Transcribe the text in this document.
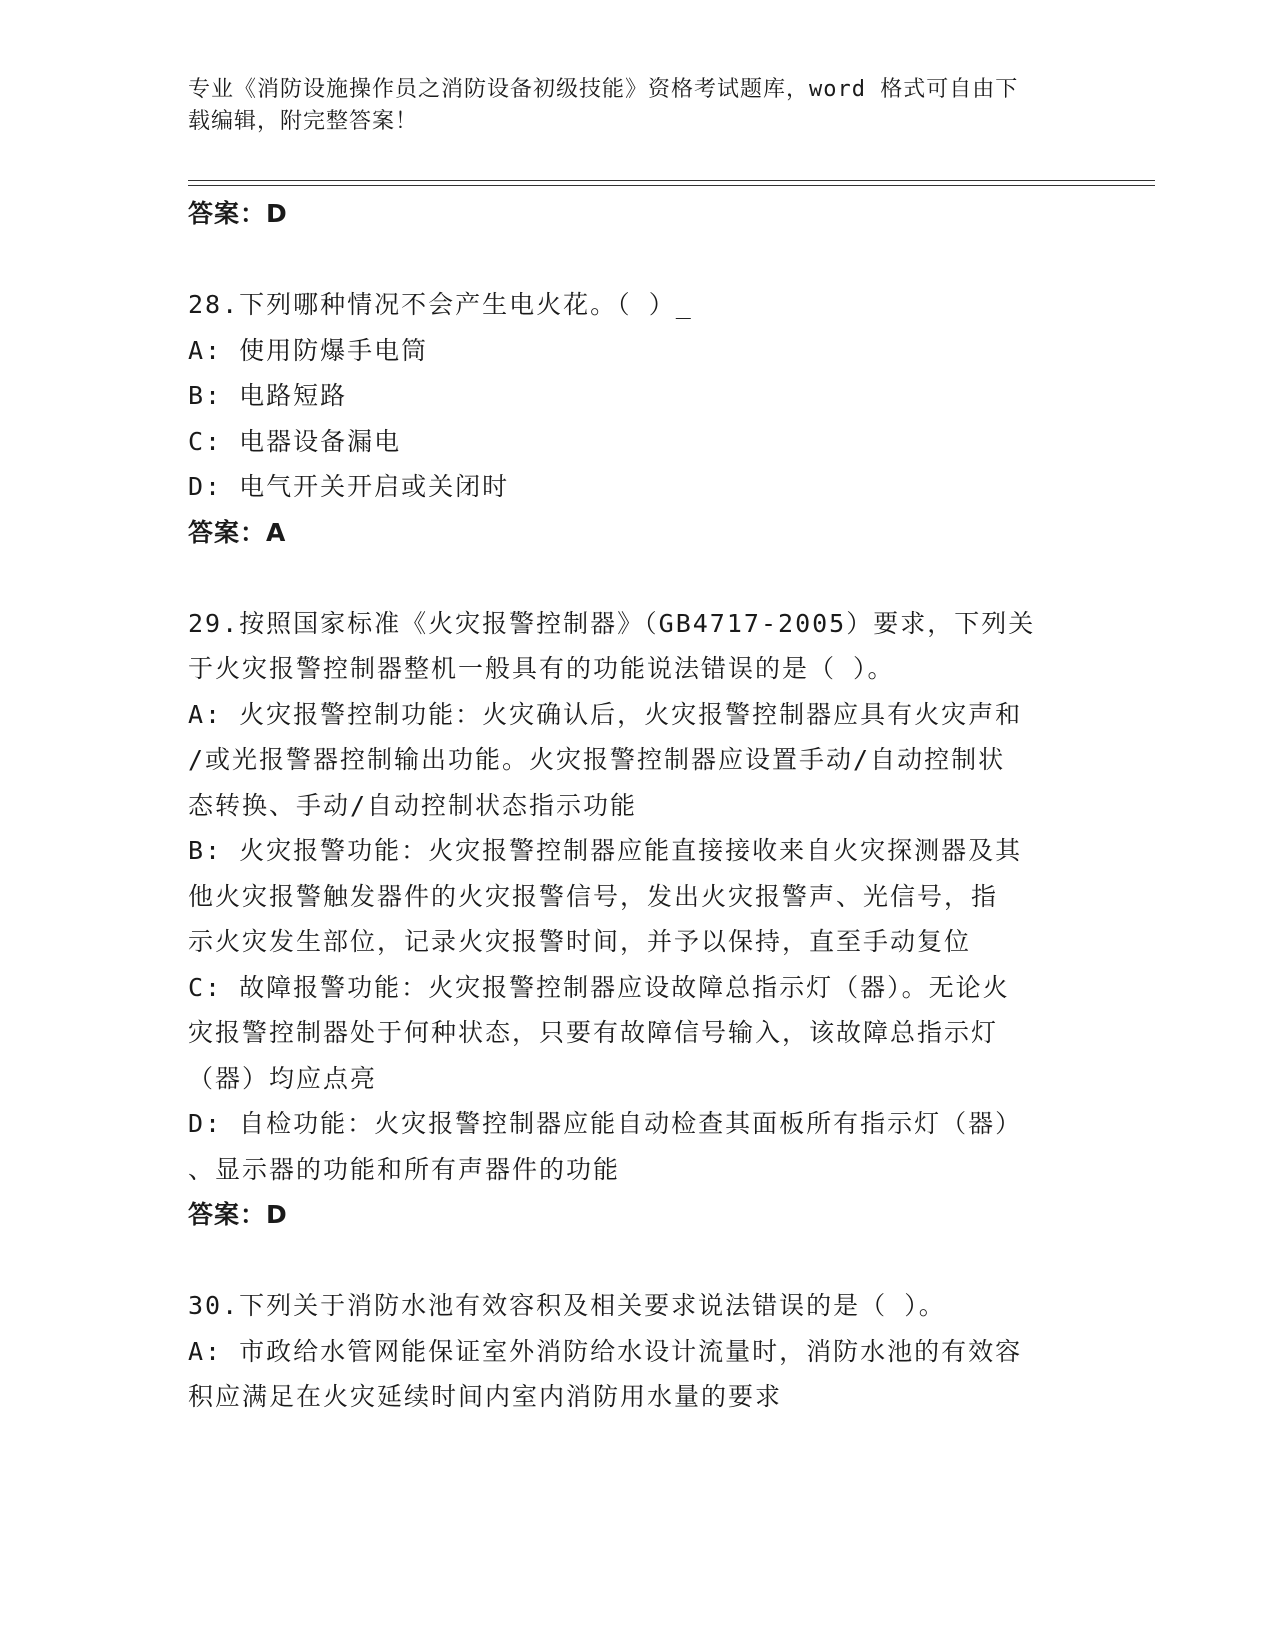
专业《消防设施操作员之消防设备初级技能》资格考试题库，word 格式可自由下
载编辑，附完整答案！
答案：D
28.下列哪种情况不会产生电火花。（ ）_
A: 使用防爆手电筒
B: 电路短路
C: 电器设备漏电
D: 电气开关开启或关闭时
答案：A
29.按照国家标准《火灾报警控制器》（GB4717-2005）要求，下列关
于火灾报警控制器整机一般具有的功能说法错误的是（ ）。
A: 火灾报警控制功能：火灾确认后，火灾报警控制器应具有火灾声和
/或光报警器控制输出功能。火灾报警控制器应设置手动/自动控制状
态转换、手动/自动控制状态指示功能
B: 火灾报警功能：火灾报警控制器应能直接接收来自火灾探测器及其
他火灾报警触发器件的火灾报警信号，发出火灾报警声、光信号，指
示火灾发生部位，记录火灾报警时间，并予以保持，直至手动复位
C: 故障报警功能：火灾报警控制器应设故障总指示灯（器）。无论火
灾报警控制器处于何种状态，只要有故障信号输入，该故障总指示灯
（器）均应点亮
D: 自检功能：火灾报警控制器应能自动检查其面板所有指示灯（器）
、显示器的功能和所有声器件的功能
答案：D
30.下列关于消防水池有效容积及相关要求说法错误的是（ ）。
A: 市政给水管网能保证室外消防给水设计流量时，消防水池的有效容
积应满足在火灾延续时间内室内消防用水量的要求
